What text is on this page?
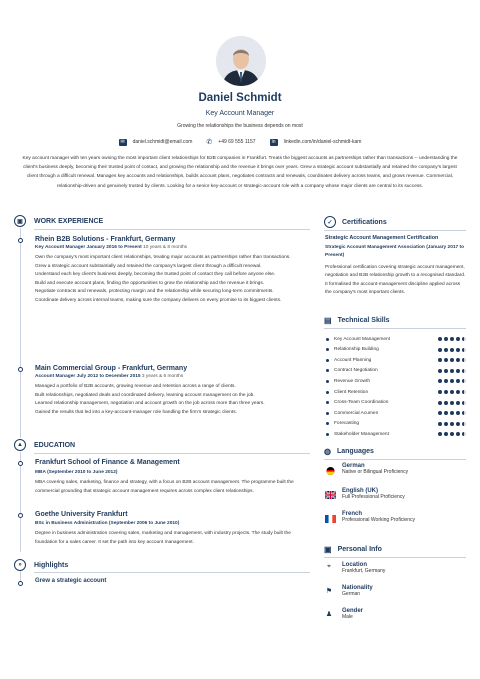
Daniel Schmidt
Key Account Manager
Growing the relationships the business depends on most
✉	daniel.schmidt@email.com ✆ +49 69 555 1157	in	linkedin.com/in/daniel-schmidt-kam
Key account manager with ten years owning the most important client relationships for B2B companies in Frankfurt. Treats the biggest accounts as partnerships rather than transactions -- understanding the client's business deeply, becoming their trusted point of contact, and growing the relationship and the revenue it brings over years. Grew a strategic account substantially and retained the company's largest client through a difficult renewal. Manages key accounts and relationships, builds account plans, negotiates contracts and renewals, coordinates delivery across teams, and grows revenue. Commercial, relationship-driven and genuinely trusted by clients. Looking for a senior key-account or strategic-account role with a company whose major clients are central to its success.
▣	WORK EXPERIENCE
Rhein B2B Solutions - Frankfurt, Germany
Key Account Manager January 2016 to Present 10 years & 8 months

Own the company's most important client relationships, treating major accounts as partnerships rather than transactions.

Grew a strategic account substantially and retained the company's largest client through a difficult renewal.

Understand each key client's business deeply, becoming the trusted point of contact they call before anyone else.

Build and execute account plans, finding the opportunities to grow the relationship and the revenue it brings.

Negotiate contracts and renewals, protecting margin and the relationship while securing long-term commitments.

Coordinate delivery across internal teams, making sure the company delivers on every promise to its biggest clients.

Main Commercial Group - Frankfurt, Germany
Account Manager July 2012 to December 2015 3 years & 6 months

Managed a portfolio of B2B accounts, growing revenue and retention across a range of clients.

Built relationships, negotiated deals and coordinated delivery, learning account management on the job.

Learned relationship management, negotiation and account growth on the job across more than three years.

Gained the results that led into a key-account-manager role handling the firm's strategic clients.

▲	EDUCATION
Frankfurt School of Finance & Management
MBA (September 2010 to June 2012)
MBA covering sales, marketing, finance and strategy, with a focus on B2B account management. The programme built the commercial grounding that strategic account management requires across complex client relationships.
Goethe University Frankfurt
BSc in Business Administration (September 2006 to June 2010)
Degree in business administration covering sales, marketing and management, with industry projects. The study built the foundation for a sales career. It set the path into key account management.
»	Highlights
Grew a strategic account
✓	Certifications
Strategic Account Management Certification
Strategic Account Management Association (January 2017 to Present)
Professional certification covering strategic account management, negotiation and B2B relationship growth to a recognised standard. It formalised the account-management discipline applied across the company's most important clients.
▤ Technical Skills
Key Account Management
Relationship Building
Account Planning
Contract Negotiation
Revenue Growth
Client Retention
Cross-Team Coordination
Commercial Acumen
Forecasting
Stakeholder Management
◍ Languages
German
Native or Bilingual Proficiency
English (UK)
Full Professional Proficiency
French
Professional Working Proficiency
▣ Personal Info
⌖	Location
Frankfurt, Germany
⚑ Nationality
German
♟ Gender
Male
